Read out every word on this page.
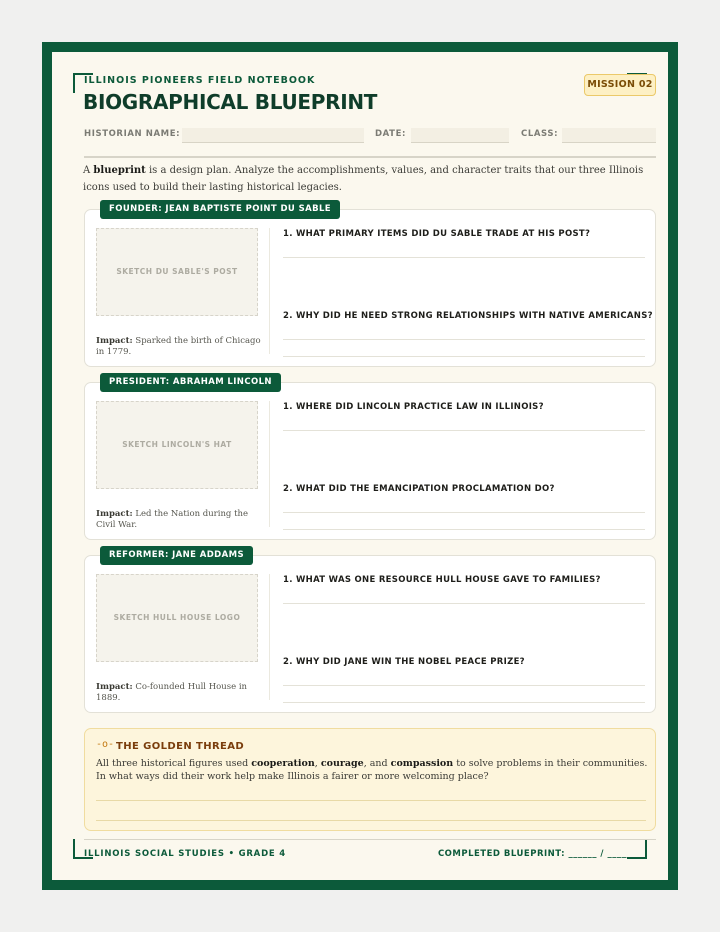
ILLINOIS PIONEERS FIELD NOTEBOOK
BIOGRAPHICAL BLUEPRINT
MISSION 02
HISTORIAN NAME:	DATE:	CLASS:

A blueprint is a design plan. Analyze the accomplishments, values, and character traits that our three Illinois icons used to build their lasting historical legacies.

FOUNDER: JEAN BAPTISTE POINT DU SABLE
SKETCH DU SABLE'S POST
Impact: Sparked the birth of Chicago in 1779.
1. WHAT PRIMARY ITEMS DID DU SABLE TRADE AT HIS POST?
2. WHY DID HE NEED STRONG RELATIONSHIPS WITH NATIVE AMERICANS?
PRESIDENT: ABRAHAM LINCOLN
SKETCH LINCOLN'S HAT
Impact: Led the Nation during the Civil War.
1. WHERE DID LINCOLN PRACTICE LAW IN ILLINOIS?
2. WHAT DID THE EMANCIPATION PROCLAMATION DO?
REFORMER: JANE ADDAMS
SKETCH HULL HOUSE LOGO
Impact: Co-founded Hull House in 1889.
1. WHAT WAS ONE RESOURCE HULL HOUSE GAVE TO FAMILIES?
2. WHY DID JANE WIN THE NOBEL PEACE PRIZE?
-o- THE GOLDEN THREAD

All three historical figures used cooperation, courage, and compassion to solve problems in their communities. In what ways did their work help make Illinois a fairer or more welcoming place?

ILLINOIS SOCIAL STUDIES • GRADE 4	COMPLETED BLUEPRINT: ______ / ______
